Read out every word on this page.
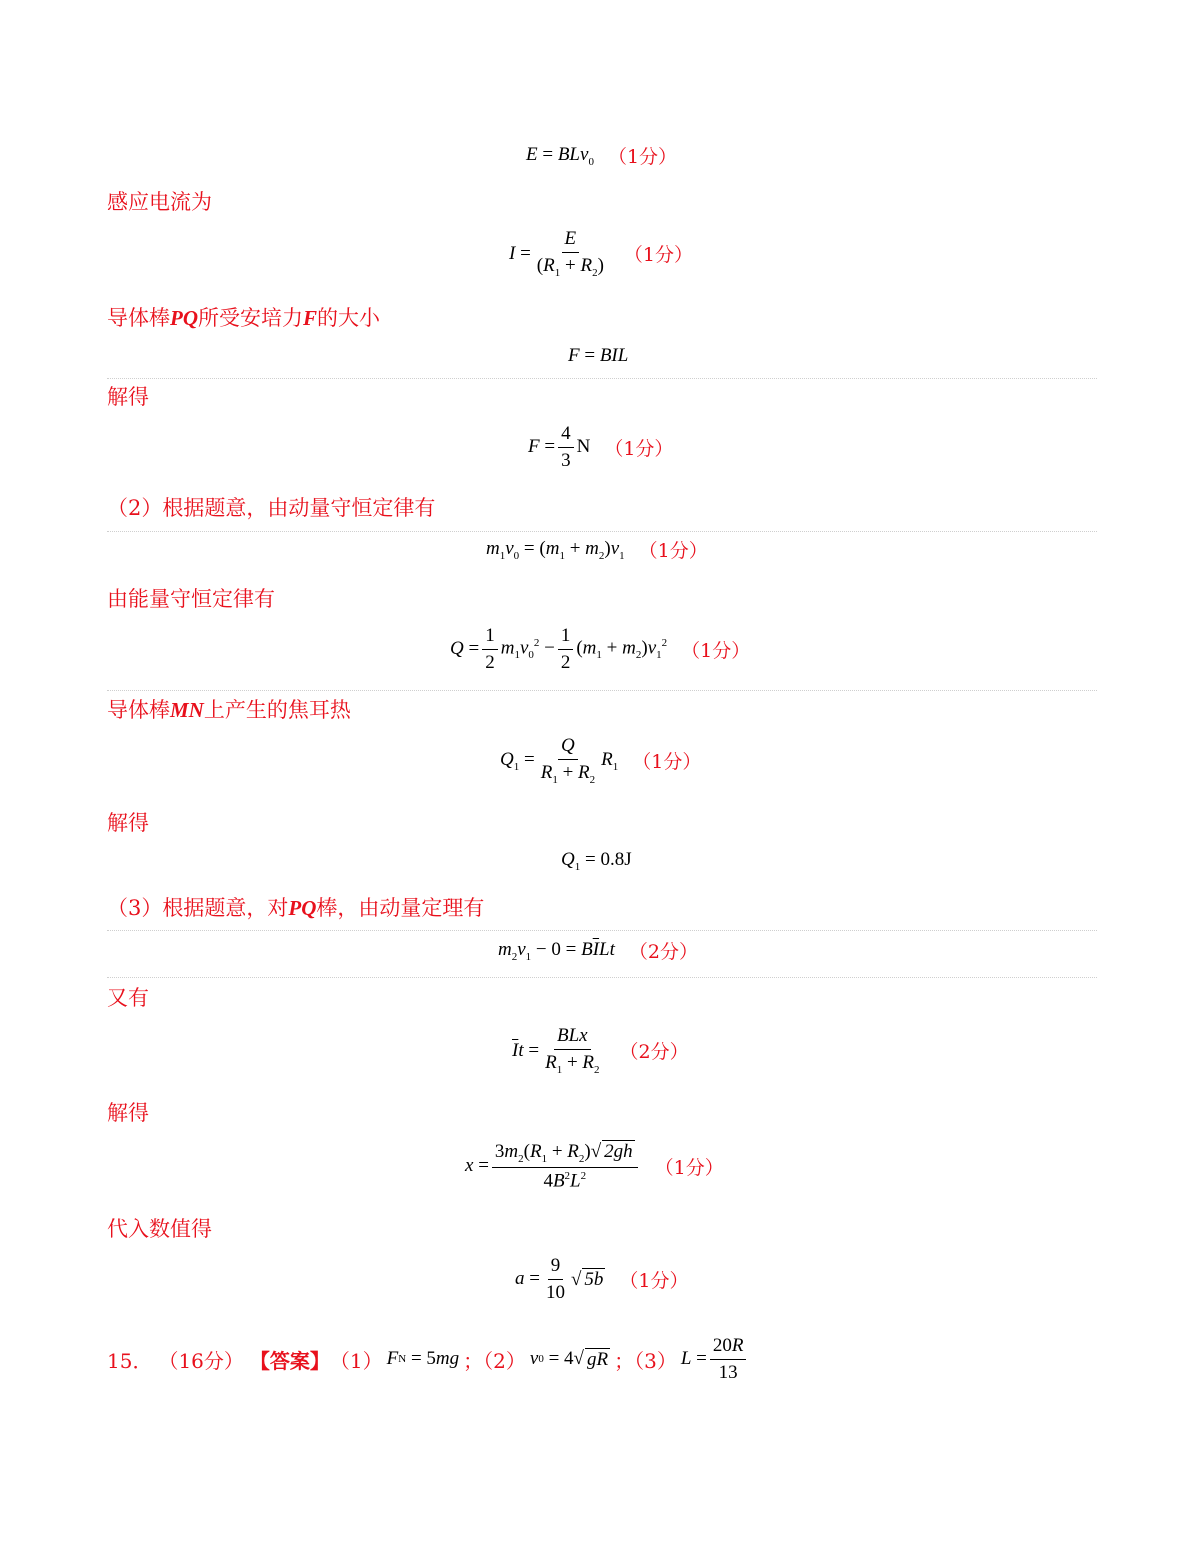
E = BLv$_0$ （1分）
感应电流为
$I = \frac{E}{(R_1 + R_2)} (1$分）
导体棒PQ所受安培力F的大小
F = BIL
解得
$F = \frac{4}{3}$ N （1分）
（2）根据题意，由动量守恒定律有
$m_1v_0 = (m_1 + m_2)v_1$ （1分）
由能量守恒定律有
$Q = \frac{1}{2} m_1v_0^2 - \frac{1}{2} (m_1 + m_2)v_1^2$ （1分）
导体棒MN上产生的焦耳热
$Q_1 = \frac{Q}{R_1 + R_2} R_1$ （1分）
解得
$Q_1 = 0.8J$
（3）根据题意，对PQ棒，由动量定理有
$m_2v_1 - 0 = B\overline{I}Lt$ （2分）
又有
$\overline{I}t = \frac{\text{BLx}}{R_1 + R_2} (2$分）
解得
$x = \frac{3m_2(R_1 + R_2)√ 2gh}{4B^2L^2} (1$分）
代入数值得
$a = \frac{9}{10}$ √ 5b （1分）
15． （16分） 【答案】 （1） F N = 5 mg ；（2） v 0 = 4√ gR ；（3） $L = \frac{20R}{13}$
